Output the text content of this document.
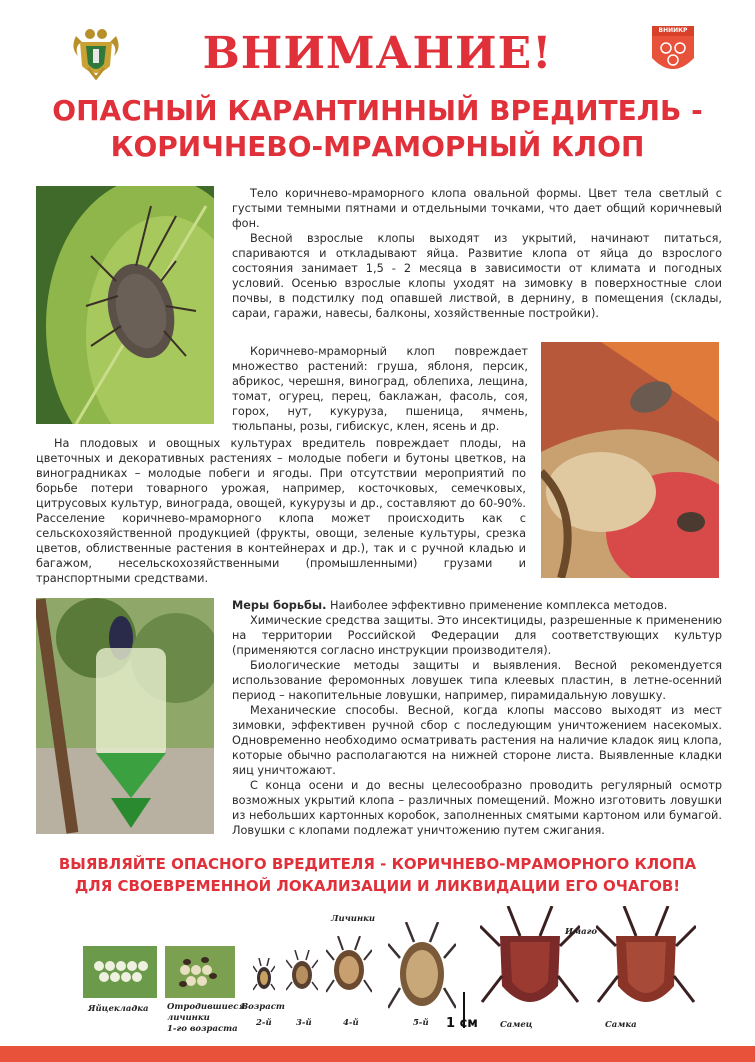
ВНИИКР
ВНИМАНИЕ!
ОПАСНЫЙ КАРАНТИННЫЙ ВРЕДИТЕЛЬ -
КОРИЧНЕВО-МРАМОРНЫЙ КЛОП

Тело коричнево-мраморного клопа овальной формы. Цвет тела светлый с густыми темными пятнами и отдельными точками, что дает общий коричневый фон.

Весной взрослые клопы выходят из укрытий, начинают питаться, спариваются и откладывают яйца. Развитие клопа от яйца до взрослого состояния занимает 1,5 - 2 месяца в зависимости от климата и погодных условий. Осенью взрослые клопы уходят на зимовку в поверхностные слои почвы, в подстилку под опавшей листвой, в дернину, в помещения (склады, сараи, гаражи, навесы, балконы, хозяйственные постройки).

Коричнево-мраморный клоп повреждает множество растений: груша, яблоня, персик, абрикос, черешня, виноград, облепиха, лещина, томат, огурец, перец, баклажан, фасоль, соя, горох, нут, кукуруза, пшеница, ячмень, тюльпаны, розы, гибискус, клен, ясень и др.

На плодовых и овощных культурах вредитель повреждает плоды, на цветочных и декоративных растениях – молодые побеги и бутоны цветков, на виноградниках – молодые побеги и ягоды. При отсутствии мероприятий по борьбе потери товарного урожая, например, косточковых, семечковых, цитрусовых культур, винограда, овощей, кукурузы и др., составляют до 60-90%. Расселение коричнево-мраморного клопа может происходить как с сельскохозяйственной продукцией (фрукты, овощи, зеленые культуры, срезка цветов, облиственные растения в контейнерах и др.), так и с ручной кладью и багажом, несельскохозяйственными (промышленными) грузами и транспортными средствами.

Меры борьбы. Наиболее эффективно применение комплекса методов.

Химические средства защиты. Это инсектициды, разрешенные к применению на территории Российской Федерации для соответствующих культур (применяются согласно инструкции производителя).

Биологические методы защиты и выявления. Весной рекомендуется использование феромонных ловушек типа клеевых пластин, в летне-осенний период – накопительные ловушки, например, пирамидальную ловушку.

Механические способы. Весной, когда клопы массово выходят из мест зимовки, эффективен ручной сбор с последующим уничтожением насекомых. Одновременно необходимо осматривать растения на наличие кладок яиц клопа, которые обычно располагаются на нижней стороне листа. Выявленные кладки яиц уничтожают.

С конца осени и до весны целесообразно проводить регулярный осмотр возможных укрытий клопа – различных помещений. Можно изготовить ловушки из небольших картонных коробок, заполненных смятыми картоном или бумагой. Ловушки с клопами подлежат уничтожению путем сжигания.

ВЫЯВЛЯЙТЕ ОПАСНОГО ВРЕДИТЕЛЯ - КОРИЧНЕВО-МРАМОРНОГО КЛОПА
ДЛЯ СВОЕВРЕМЕННОЙ ЛОКАЛИЗАЦИИ И ЛИКВИДАЦИИ ЕГО ОЧАГОВ!
1 см
Личинки
Имаго
Яйцекладка Отродившиеся
личинки
1-го возраста
Возраст
2-й	3-й	4-й	5-й	Самец	Самка
